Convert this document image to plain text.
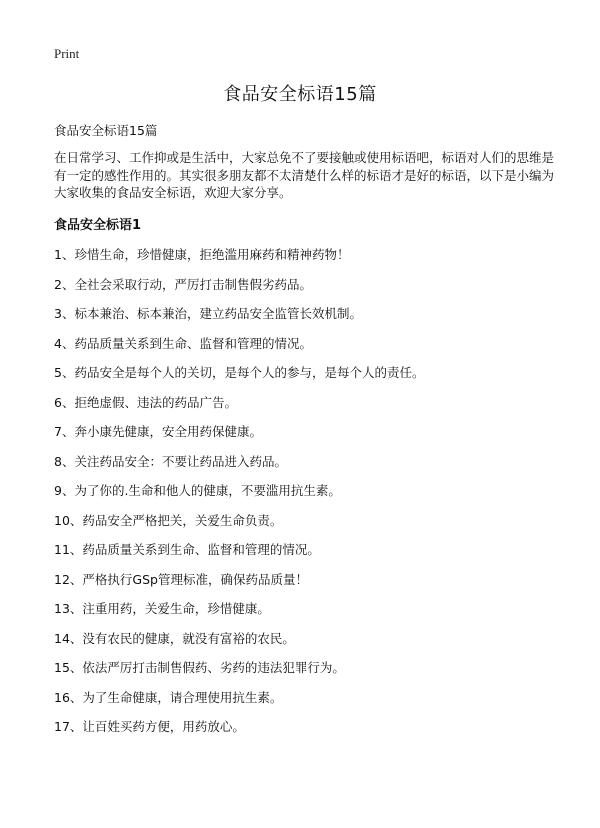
Print
食品安全标语15篇
食品安全标语15篇

在日常学习、工作抑或是生活中，大家总免不了要接触或使用标语吧，标语对人们的思维是有一定的感性作用的。其实很多朋友都不太清楚什么样的标语才是好的标语，以下是小编为大家收集的食品安全标语，欢迎大家分享。

食品安全标语1
1、珍惜生命，珍惜健康，拒绝滥用麻药和精神药物！
2、全社会采取行动，严厉打击制售假劣药品。
3、标本兼治、标本兼治，建立药品安全监管长效机制。
4、药品质量关系到生命、监督和管理的情况。
5、药品安全是每个人的关切，是每个人的参与，是每个人的责任。
6、拒绝虚假、违法的药品广告。
7、奔小康先健康，安全用药保健康。
8、关注药品安全：不要让药品进入药品。
9、为了你的.生命和他人的健康，不要滥用抗生素。
10、药品安全严格把关，关爱生命负责。
11、药品质量关系到生命、监督和管理的情况。
12、严格执行GSp管理标准，确保药品质量！
13、注重用药，关爱生命，珍惜健康。
14、没有农民的健康，就没有富裕的农民。
15、依法严厉打击制售假药、劣药的违法犯罪行为。
16、为了生命健康，请合理使用抗生素。
17、让百姓买药方便，用药放心。
